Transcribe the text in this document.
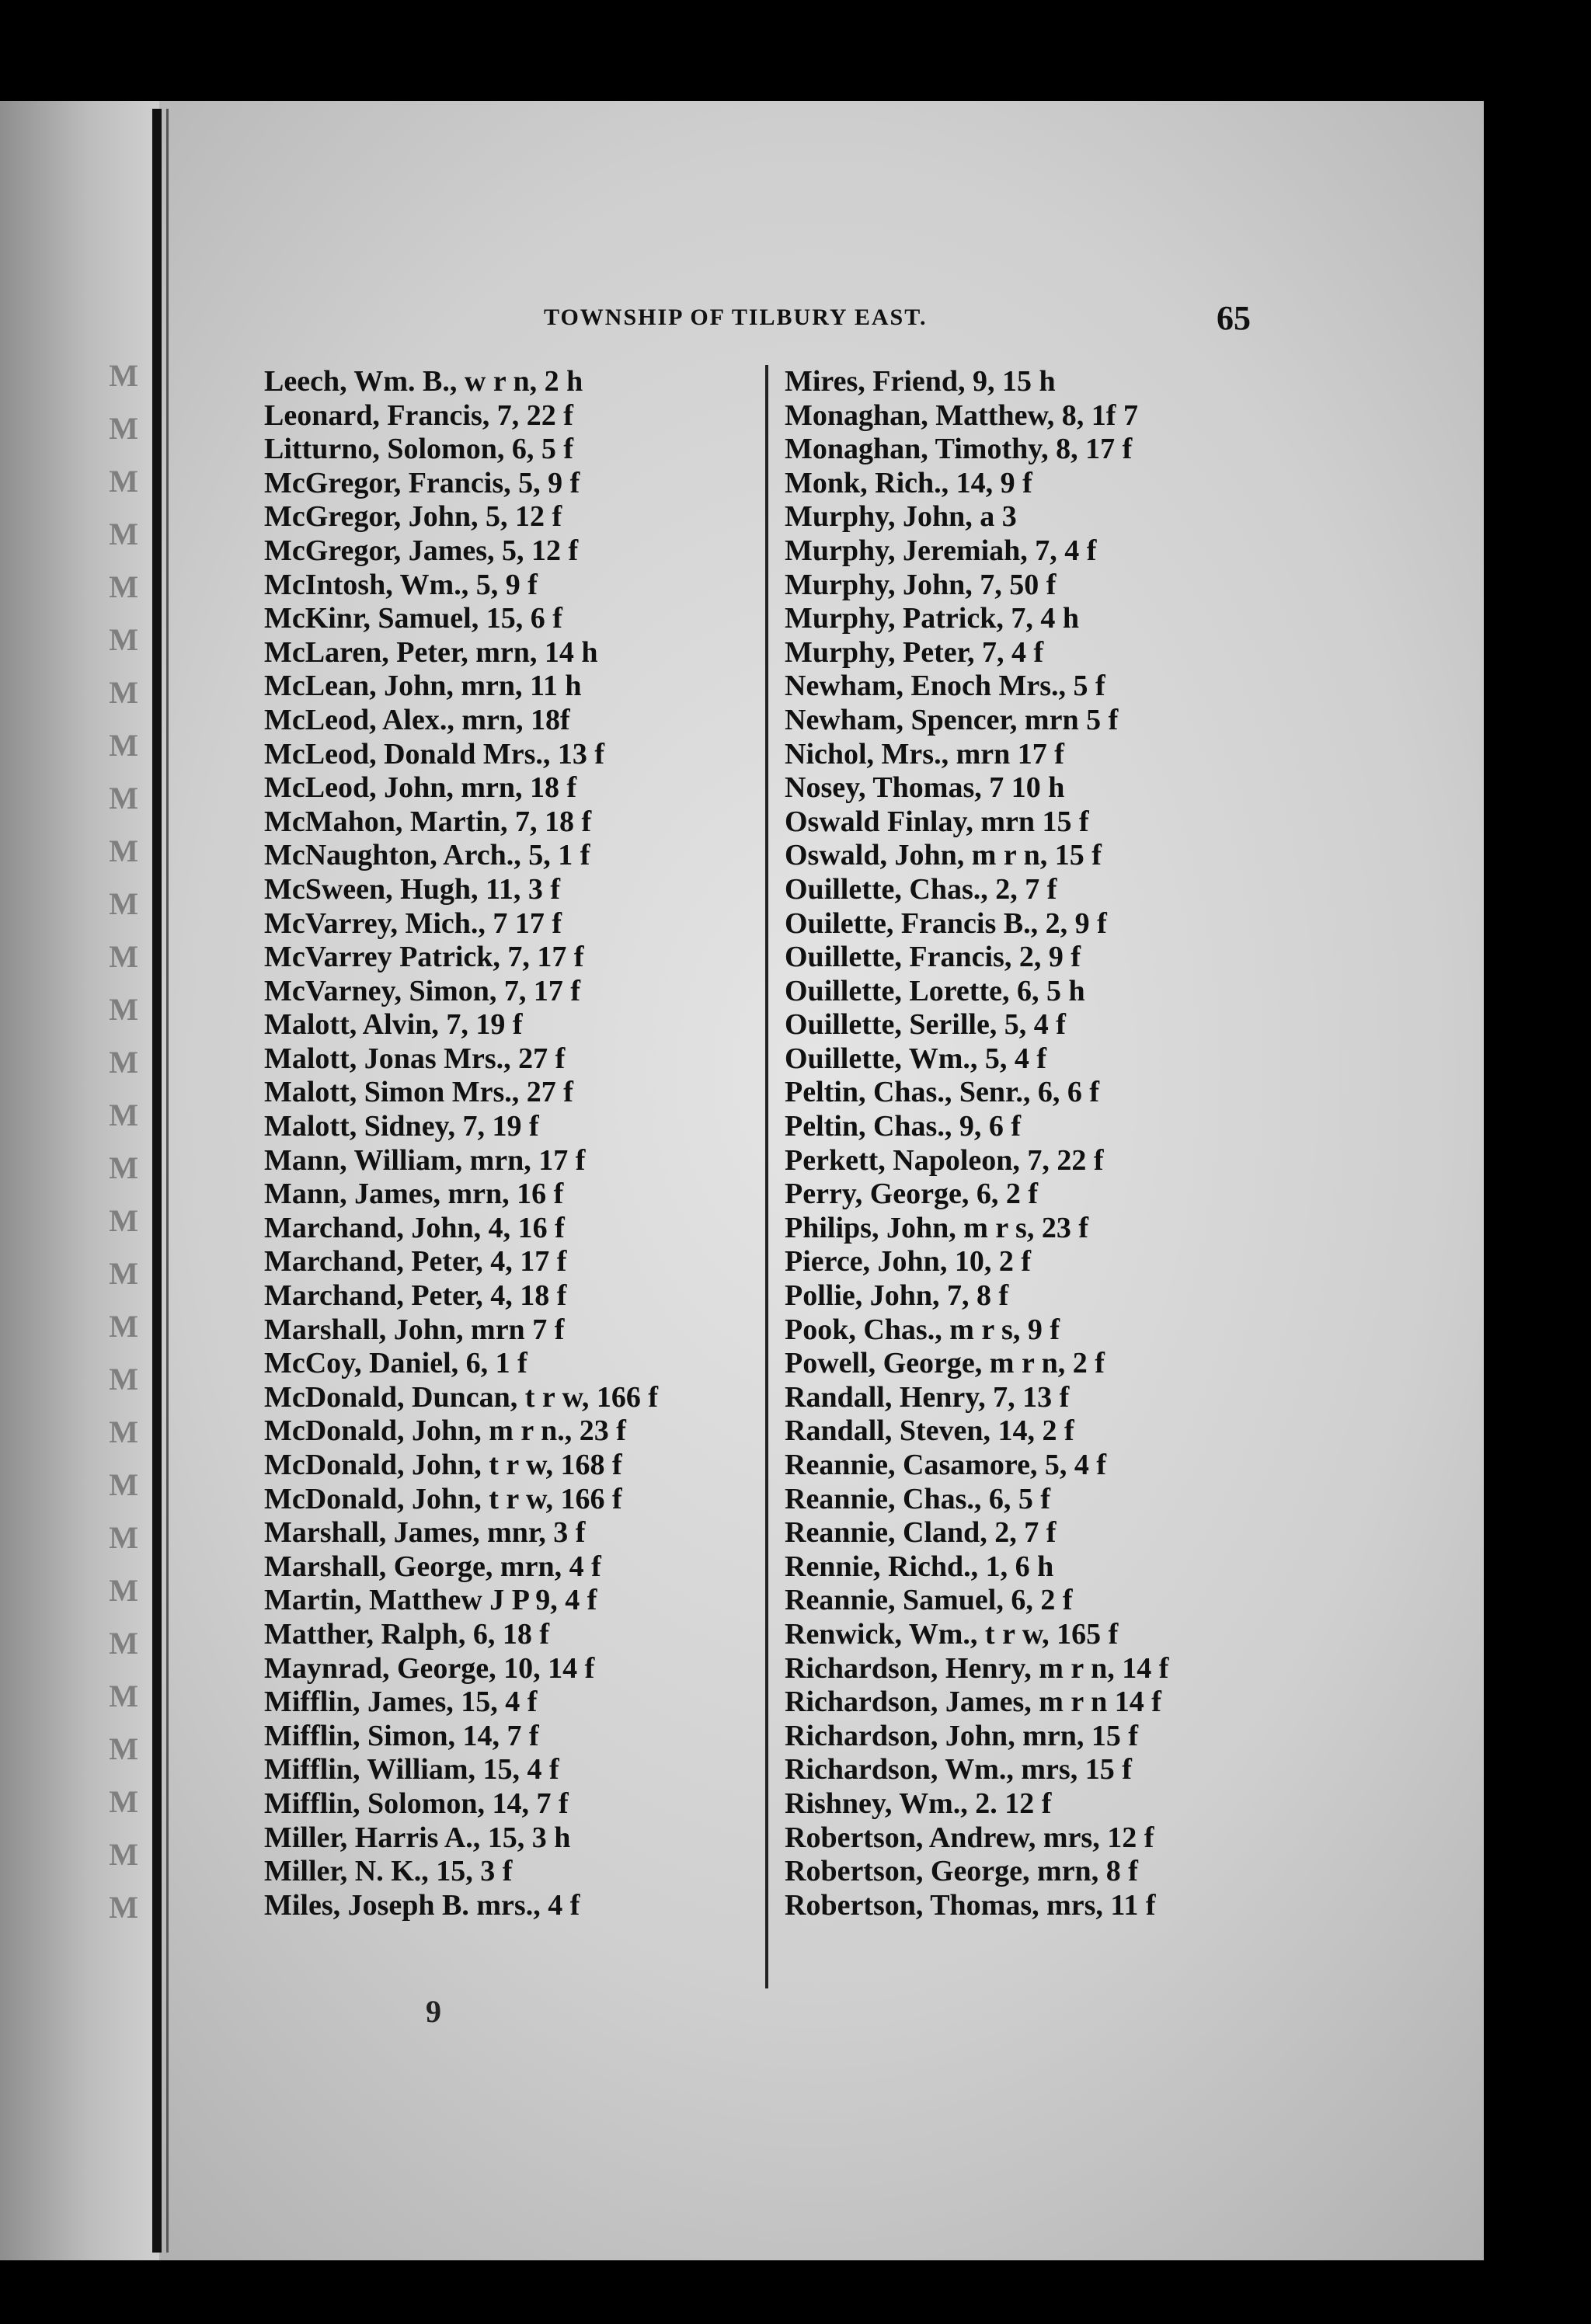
M
M
M
M
M
M
M
M
M
M
M
M
M
M
M
M
M
M
M
M
M
M
M
M
M
M
M
M
M
M
TOWNSHIP OF TILBURY EAST.	65
Leech, Wm. B., w r n, 2 h
Leonard, Francis, 7, 22 f
Litturno, Solomon, 6, 5 f
McGregor, Francis, 5, 9 f
McGregor, John, 5, 12 f
McGregor, James, 5, 12 f
McIntosh, Wm., 5, 9 f
McKinr, Samuel, 15, 6 f
McLaren, Peter, mrn, 14 h
McLean, John, mrn, 11 h
McLeod, Alex., mrn, 18f
McLeod, Donald Mrs., 13 f
McLeod, John, mrn, 18 f
McMahon, Martin, 7, 18 f
McNaughton, Arch., 5, 1 f
McSween, Hugh, 11, 3 f
McVarrey, Mich., 7 17 f
McVarrey Patrick, 7, 17 f
McVarney, Simon, 7, 17 f
Malott, Alvin, 7, 19 f
Malott, Jonas Mrs., 27 f
Malott, Simon Mrs., 27 f
Malott, Sidney, 7, 19 f
Mann, William, mrn, 17 f
Mann, James, mrn, 16 f
Marchand, John, 4, 16 f
Marchand, Peter, 4, 17 f
Marchand, Peter, 4, 18 f
Marshall, John, mrn 7 f
McCoy, Daniel, 6, 1 f
McDonald, Duncan, t r w, 166 f
McDonald, John, m r n., 23 f
McDonald, John, t r w, 168 f
McDonald, John, t r w, 166 f
Marshall, James, mnr, 3 f
Marshall, George, mrn, 4 f
Martin, Matthew J P 9, 4 f
Matther, Ralph, 6, 18 f
Maynrad, George, 10, 14 f
Mifflin, James, 15, 4 f
Mifflin, Simon, 14, 7 f
Mifflin, William, 15, 4 f
Mifflin, Solomon, 14, 7 f
Miller, Harris A., 15, 3 h
Miller, N. K., 15, 3 f
Miles, Joseph B. mrs., 4 f
Mires, Friend, 9, 15 h
Monaghan, Matthew, 8, 1f 7
Monaghan, Timothy, 8, 17 f
Monk, Rich., 14, 9 f
Murphy, John, a 3
Murphy, Jeremiah, 7, 4 f
Murphy, John, 7, 50 f
Murphy, Patrick, 7, 4 h
Murphy, Peter, 7, 4 f
Newham, Enoch Mrs., 5 f
Newham, Spencer, mrn 5 f
Nichol, Mrs., mrn 17 f
Nosey, Thomas, 7 10 h
Oswald Finlay, mrn 15 f
Oswald, John, m r n, 15 f
Ouillette, Chas., 2, 7 f
Ouilette, Francis B., 2, 9 f
Ouillette, Francis, 2, 9 f
Ouillette, Lorette, 6, 5 h
Ouillette, Serille, 5, 4 f
Ouillette, Wm., 5, 4 f
Peltin, Chas., Senr., 6, 6 f
Peltin, Chas., 9, 6 f
Perkett, Napoleon, 7, 22 f
Perry, George, 6, 2 f
Philips, John, m r s, 23 f
Pierce, John, 10, 2 f
Pollie, John, 7, 8 f
Pook, Chas., m r s, 9 f
Powell, George, m r n, 2 f
Randall, Henry, 7, 13 f
Randall, Steven, 14, 2 f
Reannie, Casamore, 5, 4 f
Reannie, Chas., 6, 5 f
Reannie, Cland, 2, 7 f
Rennie, Richd., 1, 6 h
Reannie, Samuel, 6, 2 f
Renwick, Wm., t r w, 165 f
Richardson, Henry, m r n, 14 f
Richardson, James, m r n 14 f
Richardson, John, mrn, 15 f
Richardson, Wm., mrs, 15 f
Rishney, Wm., 2. 12 f
Robertson, Andrew, mrs, 12 f
Robertson, George, mrn, 8 f
Robertson, Thomas, mrs, 11 f
9
